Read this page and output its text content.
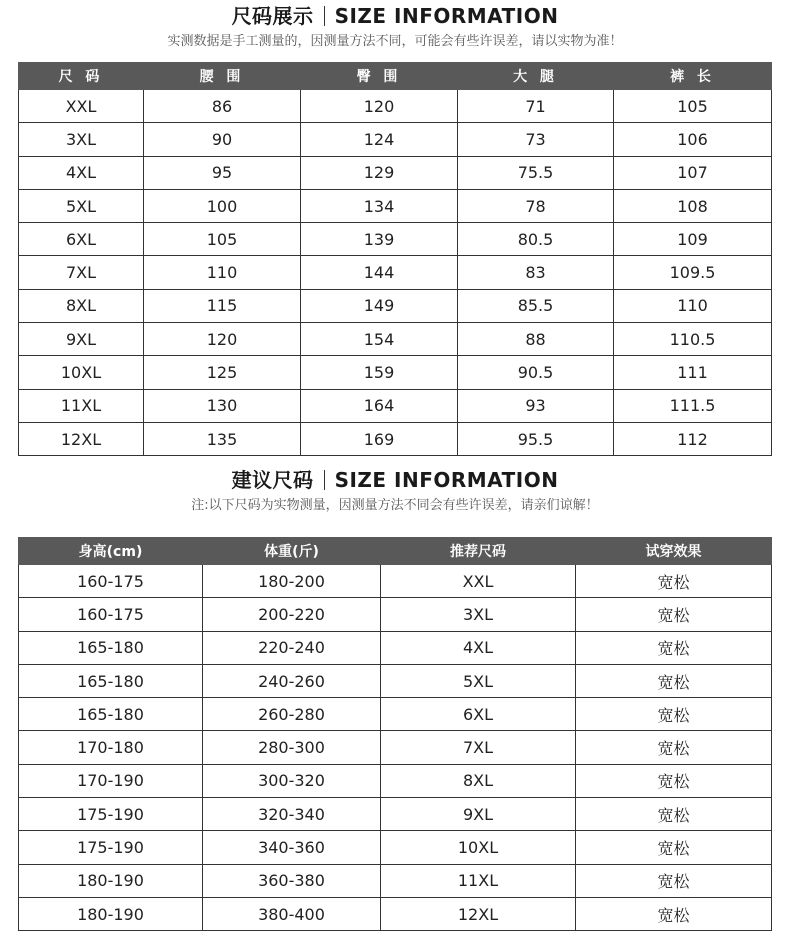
尺码展示 SIZE INFORMATION
实测数据是手工测量的，因测量方法不同，可能会有些许误差，请以实物为准！
尺 码	腰 围	臀 围	大 腿	裤 长
XXL	86	120	71	105
3XL	90	124	73	106
4XL	95	129	75.5	107
5XL	100	134	78	108
6XL	105	139	80.5	109
7XL	110	144	83	109.5
8XL	115	149	85.5	110
9XL	120	154	88	110.5
10XL	125	159	90.5	111
11XL	130	164	93	111.5
12XL	135	169	95.5	112
建议尺码 SIZE INFORMATION
注:以下尺码为实物测量，因测量方法不同会有些许误差，请亲们谅解！
身高(cm)	体重(斤)	推荐尺码	试穿效果
160-175	180-200	XXL	宽松
160-175	200-220	3XL	宽松
165-180	220-240	4XL	宽松
165-180	240-260	5XL	宽松
165-180	260-280	6XL	宽松
170-180	280-300	7XL	宽松
170-190	300-320	8XL	宽松
175-190	320-340	9XL	宽松
175-190	340-360	10XL	宽松
180-190	360-380	11XL	宽松
180-190	380-400	12XL	宽松
